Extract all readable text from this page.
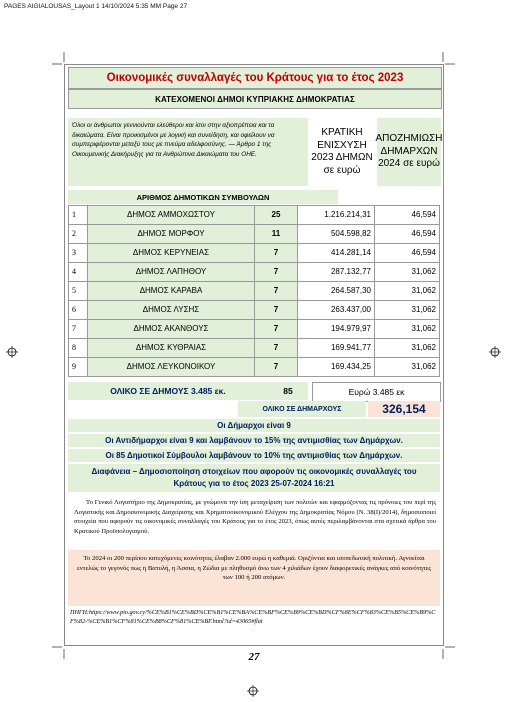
PAGES AIGIALOUSAS_Layout 1 14/10/2024 5:35 ΜΜ Page 27
Οικονομικές συναλλαγές του Κράτους για το έτος 2023
ΚΑΤΕΧΟΜΕΝΟΙ ΔΗΜΟΙ ΚΥΠΡΙΑΚΗΣ ΔΗΜΟΚΡΑΤΙΑΣ
Όλοι οι άνθρωποι γεννιούνται ελεύθεροι και ίσοι στην αξιοπρέπεια και τα δικαιώματα. Είναι προικισμένοι με λογική και συνείδηση, και οφείλουν να συμπεριφέρονται μεταξύ τους με πνεύμα αδελφοσύνης. — Άρθρο 1 της Οικουμενικής Διακήρυξης για τα Ανθρώπινα Δικαιώματα του ΟΗΕ.
ΚΡΑΤΙΚΗ ΕΝΙΣΧΥΣΗ 2023 ΔΗΜΩΝ σε ευρώ
ΑΠΟΖΗΜΙΩΣΗ ΔΗΜΑΡΧΩΝ 2024 σε ευρώ
ΑΡΙΘΜΟΣ ΔΗΜΟΤΙΚΩΝ ΣΥΜΒΟΥΛΩΝ
1	ΔΗΜΟΣ ΑΜΜΟΧΩΣΤΟΥ	25	1.216.214,31	46,594
2	ΔΗΜΟΣ ΜΟΡΦΟΥ	11	504.598,82	46,594
3	ΔΗΜΟΣ ΚΕΡΥΝΕΙΑΣ	7	414.281,14	46,594
4	ΔΗΜΟΣ ΛΑΠΗΘΟΥ	7	287.132,77	31,062
5	ΔΗΜΟΣ ΚΑΡΑΒΑ	7	264.587,30	31,062
6	ΔΗΜΟΣ ΛΥΣΗΣ	7	263.437,00	31,062
7	ΔΗΜΟΣ ΑΚΑΝΘΟΥΣ	7	194.979,97	31,062
8	ΔΗΜΟΣ ΚΥΘΡΑΙΑΣ	7	169.941,77	31,062
9	ΔΗΜΟΣ ΛΕΥΚΟΝΟΙΚΟΥ	7	169.434,25	31,062
ΟΛΙΚΟ ΣΕ ΔΗΜΟΥΣ 3.485 εκ.	85	Ευρώ 3.485 εκ
ΟΛΙΚΟ ΣΕ ΔΗΜΑΡΧΟΥΣ	326,154
Οι Δήμαρχοι είναι 9
Οι Αντιδήμαρχοι είναι 9 και λαμβάνουν το 15% της αντιμισθίας των Δημάρχων.
Οι 85 Δημοτικοί Σύμβουλοι λαμβάνουν το 10% της αντιμισθίας των Δημάρχων.
Διαφάνεια – Δημοσιοποίηση στοιχείων που αφορούν τις οικονομικές συναλλαγές του
Κράτους για το έτος 2023 25-07-2024 16:21
Το Γενικό Λογιστήριο της Δημοκρατίας, με γνώμονα την ίση μεταχείριση των πολιτών και εφαρμόζοντας τις πρόνοιες του περί της Λογιστικής και Δημοσιονομικής Διαχείρισης και Χρηματοοικονομικού Ελέγχου της Δημοκρατίας Νόμου (Ν. 38(Ι)/2014), δημοσιοποιεί στοιχεία που αφορούν τις οικονομικές συναλλαγές του Κράτους για το έτος 2023, όπως αυτές περιλαμβάνονται στα σχετικά άρθρα του Κρατικού Προϋπολογισμού.
Το 2024 οι 200 περίπου κατεχόμενες κοινότητες έλαβαν 2.000 ευρώ η καθεμιά. Οριζόντια και ισοπεδωτική πολιτική. Αγνοείται εντελώς το γεγονός πως η Βατυλή, η Άσσια, η Ζώδια με πληθυσμό άνω των 4 χιλιάδων έχουν διαφορετικές ανάγκες από κοινότητες των 100 ή 200 ατόμων.
ΠΗΓΗ:https://www.pio.gov.cy/%CE%B1%CE%BD%CE%B1%CE%BA%CE%BF%CE%B9%CE%BD%CF%8E%CF%83%CE%B5%CE%B9%CF%82-%CE%B1%CF%81%CE%B8%CF%81%CE%BF.html?id=43065#flat
27
